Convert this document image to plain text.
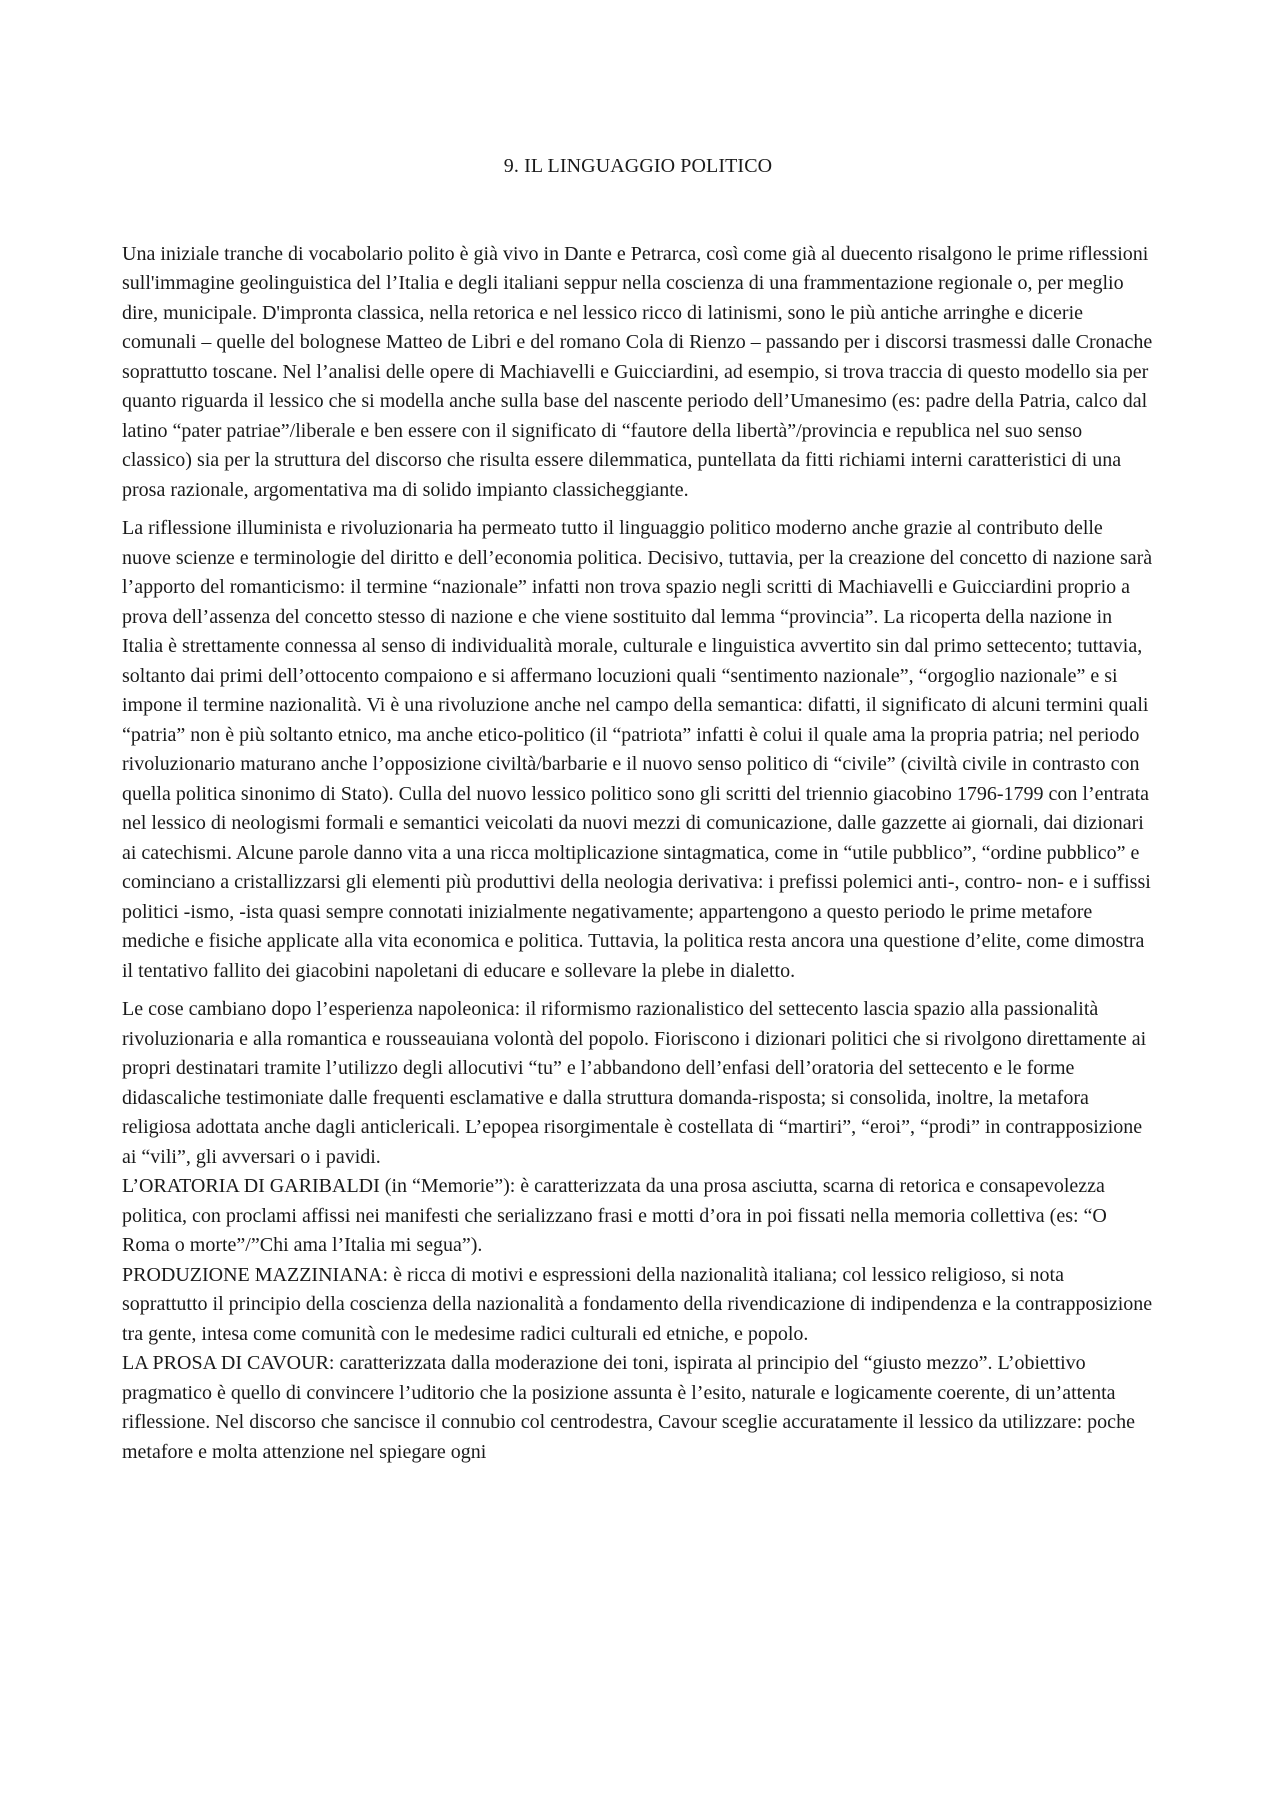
9. IL LINGUAGGIO POLITICO

Una iniziale tranche di vocabolario polito è già vivo in Dante e Petrarca, così come già al duecento risalgono le prime riflessioni sull'immagine geolinguistica del l’Italia e degli italiani seppur nella coscienza di una frammentazione regionale o, per meglio dire, municipale. D'impronta classica, nella retorica e nel lessico ricco di latinismi, sono le più antiche arringhe e dicerie comunali – quelle del bolognese Matteo de Libri e del romano Cola di Rienzo – passando per i discorsi trasmessi dalle Cronache soprattutto toscane. Nel l’analisi delle opere di Machiavelli e Guicciardini, ad esempio, si trova traccia di questo modello sia per quanto riguarda il lessico che si modella anche sulla base del nascente periodo dell’Umanesimo (es: padre della Patria, calco dal latino “pater patriae”/liberale e ben essere con il significato di “fautore della libertà”/provincia e republica nel suo senso classico) sia per la struttura del discorso che risulta essere dilemmatica, puntellata da fitti richiami interni caratteristici di una prosa razionale, argomentativa ma di solido impianto classicheggiante.

La riflessione illuminista e rivoluzionaria ha permeato tutto il linguaggio politico moderno anche grazie al contributo delle nuove scienze e terminologie del diritto e dell’economia politica. Decisivo, tuttavia, per la creazione del concetto di nazione sarà l’apporto del romanticismo: il termine “nazionale” infatti non trova spazio negli scritti di Machiavelli e Guicciardini proprio a prova dell’assenza del concetto stesso di nazione e che viene sostituito dal lemma “provincia”. La ricoperta della nazione in Italia è strettamente connessa al senso di individualità morale, culturale e linguistica avvertito sin dal primo settecento; tuttavia, soltanto dai primi dell’ottocento compaiono e si affermano locuzioni quali “sentimento nazionale”, “orgoglio nazionale” e si impone il termine nazionalità. Vi è una rivoluzione anche nel campo della semantica: difatti, il significato di alcuni termini quali “patria” non è più soltanto etnico, ma anche etico-politico (il “patriota” infatti è colui il quale ama la propria patria; nel periodo rivoluzionario maturano anche l’opposizione civiltà/barbarie e il nuovo senso politico di “civile” (civiltà civile in contrasto con quella politica sinonimo di Stato). Culla del nuovo lessico politico sono gli scritti del triennio giacobino 1796-1799 con l’entrata nel lessico di neologismi formali e semantici veicolati da nuovi mezzi di comunicazione, dalle gazzette ai giornali, dai dizionari ai catechismi. Alcune parole danno vita a una ricca moltiplicazione sintagmatica, come in “utile pubblico”, “ordine pubblico” e cominciano a cristallizzarsi gli elementi più produttivi della neologia derivativa: i prefissi polemici anti-, contro- non- e i suffissi politici -ismo, -ista quasi sempre connotati inizialmente negativamente; appartengono a questo periodo le prime metafore mediche e fisiche applicate alla vita economica e politica. Tuttavia, la politica resta ancora una questione d’elite, come dimostra il tentativo fallito dei giacobini napoletani di educare e sollevare la plebe in dialetto.

Le cose cambiano dopo l’esperienza napoleonica: il riformismo razionalistico del settecento lascia spazio alla passionalità rivoluzionaria e alla romantica e rousseauiana volontà del popolo. Fioriscono i dizionari politici che si rivolgono direttamente ai propri destinatari tramite l’utilizzo degli allocutivi “tu” e l’abbandono dell’enfasi dell’oratoria del settecento e le forme didascaliche testimoniate dalle frequenti esclamative e dalla struttura domanda-risposta; si consolida, inoltre, la metafora religiosa adottata anche dagli anticlericali. L’epopea risorgimentale è costellata di “martiri”, “eroi”, “prodi” in contrapposizione ai “vili”, gli avversari o i pavidi.

L’ORATORIA DI GARIBALDI (in “Memorie”): è caratterizzata da una prosa asciutta, scarna di retorica e consapevolezza politica, con proclami affissi nei manifesti che serializzano frasi e motti d’ora in poi fissati nella memoria collettiva (es: “O Roma o morte”/”Chi ama l’Italia mi segua”).

PRODUZIONE MAZZINIANA: è ricca di motivi e espressioni della nazionalità italiana; col lessico religioso, si nota soprattutto il principio della coscienza della nazionalità a fondamento della rivendicazione di indipendenza e la contrapposizione tra gente, intesa come comunità con le medesime radici culturali ed etniche, e popolo.

LA PROSA DI CAVOUR: caratterizzata dalla moderazione dei toni, ispirata al principio del “giusto mezzo”. L’obiettivo pragmatico è quello di convincere l’uditorio che la posizione assunta è l’esito, naturale e logicamente coerente, di un’attenta riflessione. Nel discorso che sancisce il connubio col centrodestra, Cavour sceglie accuratamente il lessico da utilizzare: poche metafore e molta attenzione nel spiegare ogni
